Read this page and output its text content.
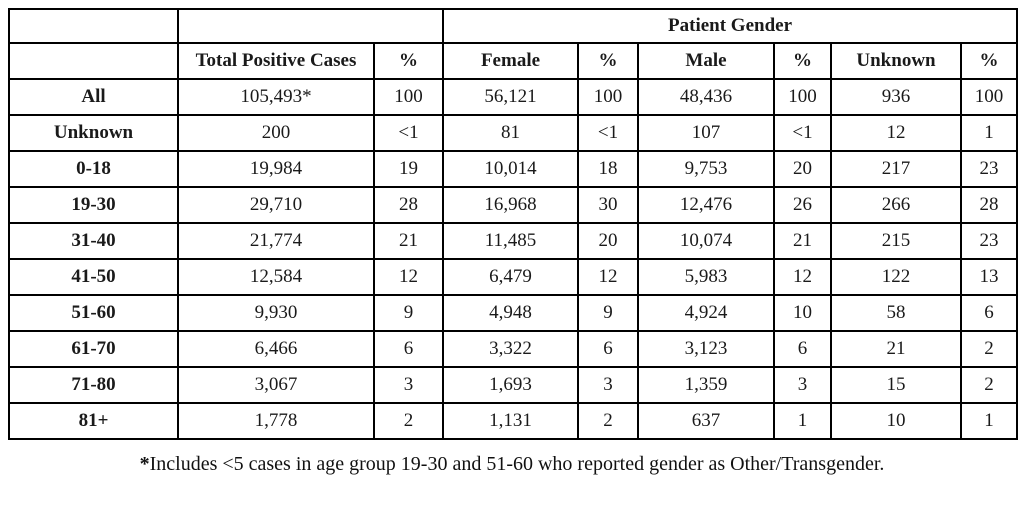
			Patient Gender					
	Total Positive Cases	%	Female	%	Male	%	Unknown	%
All	105,493*	100	56,121	100	48,436	100	936	100
Unknown	200	<1	81	<1	107	<1	12	1
0-18	19,984	19	10,014	18	9,753	20	217	23
19-30	29,710	28	16,968	30	12,476	26	266	28
31-40	21,774	21	11,485	20	10,074	21	215	23
41-50	12,584	12	6,479	12	5,983	12	122	13
51-60	9,930	9	4,948	9	4,924	10	58	6
61-70	6,466	6	3,322	6	3,123	6	21	2
71-80	3,067	3	1,693	3	1,359	3	15	2
81+	1,778	2	1,131	2	637	1	10	1

*Includes <5 cases in age group 19-30 and 51-60 who reported gender as Other/Transgender.
